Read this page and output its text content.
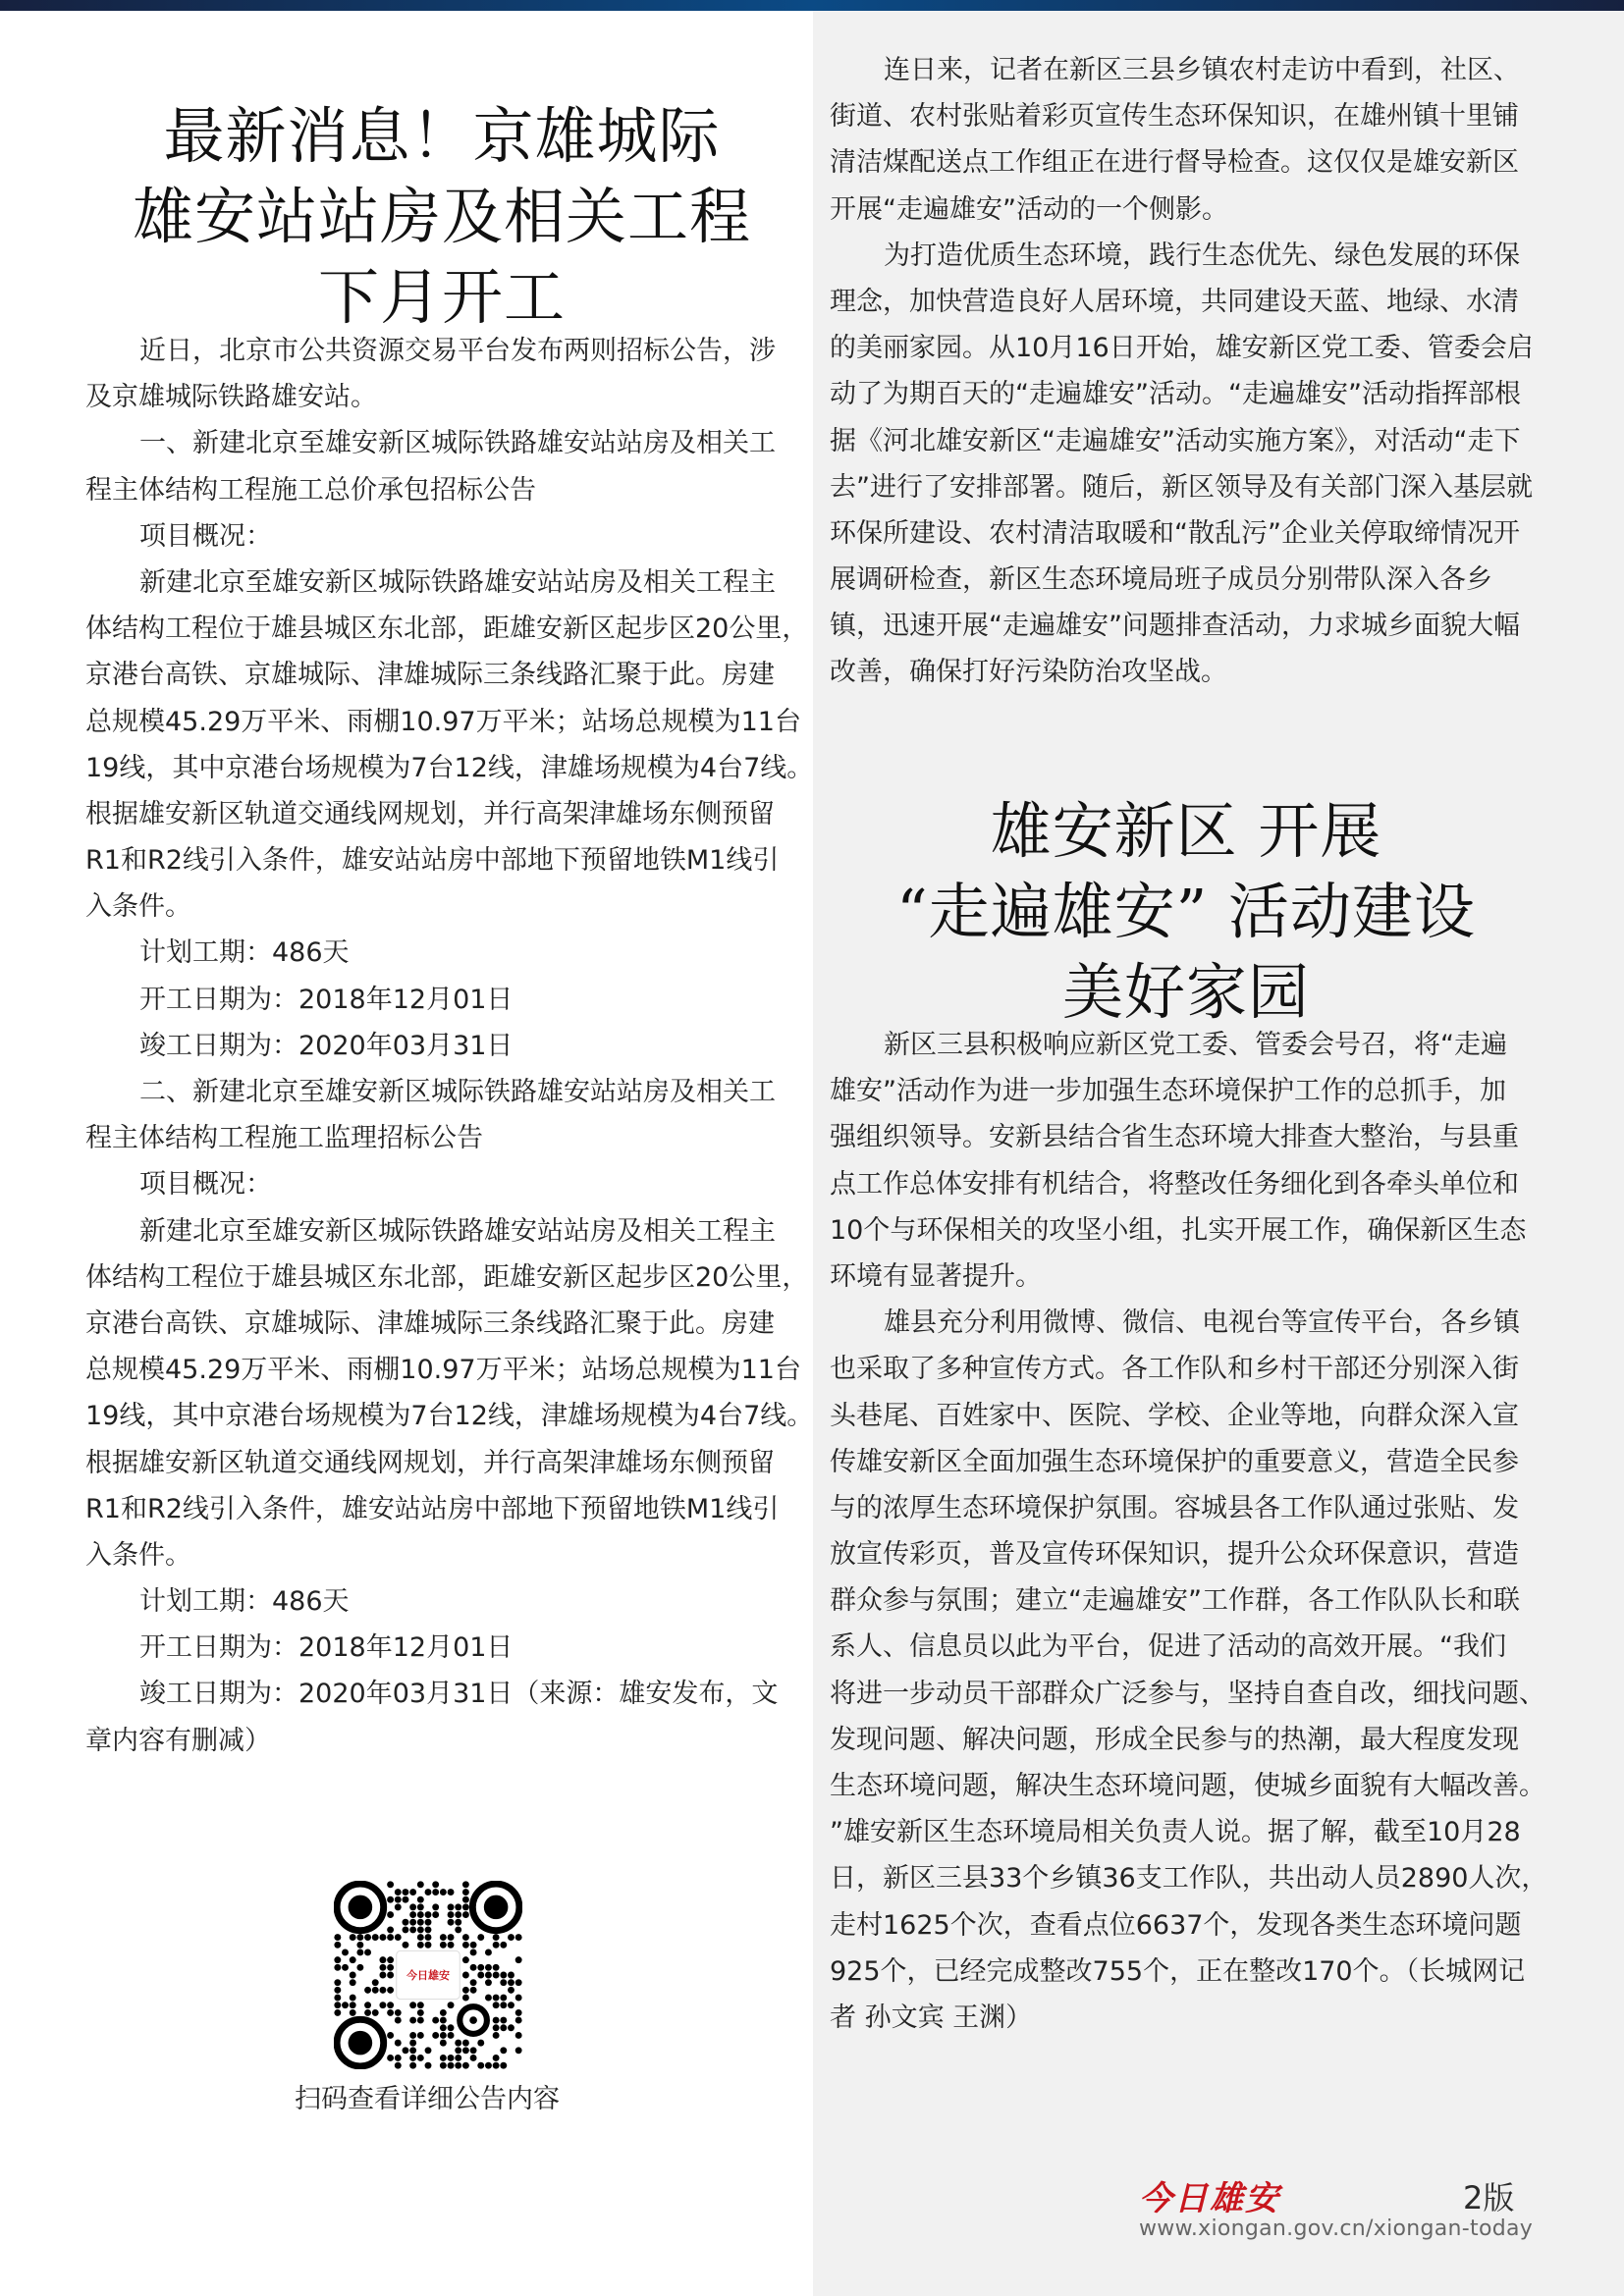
最新消息！京雄城际
雄安站站房及相关工程
下月开工
近日，北京市公共资源交易平台发布两则招标公告，涉
及京雄城际铁路雄安站。
一、新建北京至雄安新区城际铁路雄安站站房及相关工
程主体结构工程施工总价承包招标公告
项目概况：
新建北京至雄安新区城际铁路雄安站站房及相关工程主
体结构工程位于雄县城区东北部，距雄安新区起步区20公里，
京港台高铁、京雄城际、津雄城际三条线路汇聚于此。房建
总规模45.29万平米、雨棚10.97万平米；站场总规模为11台
19线，其中京港台场规模为7台12线，津雄场规模为4台7线。
根据雄安新区轨道交通线网规划，并行高架津雄场东侧预留
R1和R2线引入条件，雄安站站房中部地下预留地铁M1线引
入条件。
计划工期：486天
开工日期为：2018年12月01日
竣工日期为：2020年03月31日
二、新建北京至雄安新区城际铁路雄安站站房及相关工
程主体结构工程施工监理招标公告
项目概况：
新建北京至雄安新区城际铁路雄安站站房及相关工程主
体结构工程位于雄县城区东北部，距雄安新区起步区20公里，
京港台高铁、京雄城际、津雄城际三条线路汇聚于此。房建
总规模45.29万平米、雨棚10.97万平米；站场总规模为11台
19线，其中京港台场规模为7台12线，津雄场规模为4台7线。
根据雄安新区轨道交通线网规划，并行高架津雄场东侧预留
R1和R2线引入条件，雄安站站房中部地下预留地铁M1线引
入条件。
计划工期：486天
开工日期为：2018年12月01日
竣工日期为：2020年03月31日（来源：雄安发布，文
章内容有删减）
今日雄安
扫码查看详细公告内容
连日来，记者在新区三县乡镇农村走访中看到，社区、
街道、农村张贴着彩页宣传生态环保知识，在雄州镇十里铺
清洁煤配送点工作组正在进行督导检查。这仅仅是雄安新区
开展“走遍雄安”活动的一个侧影。
为打造优质生态环境，践行生态优先、绿色发展的环保
理念，加快营造良好人居环境，共同建设天蓝、地绿、水清
的美丽家园。从10月16日开始，雄安新区党工委、管委会启
动了为期百天的“走遍雄安”活动。“走遍雄安”活动指挥部根
据《河北雄安新区“走遍雄安”活动实施方案》，对活动“走下
去”进行了安排部署。随后，新区领导及有关部门深入基层就
环保所建设、农村清洁取暖和“散乱污”企业关停取缔情况开
展调研检查，新区生态环境局班子成员分别带队深入各乡
镇，迅速开展“走遍雄安”问题排查活动，力求城乡面貌大幅
改善，确保打好污染防治攻坚战。
雄安新区 开展
“走遍雄安” 活动建设
美好家园
新区三县积极响应新区党工委、管委会号召，将“走遍
雄安”活动作为进一步加强生态环境保护工作的总抓手，加
强组织领导。安新县结合省生态环境大排查大整治，与县重
点工作总体安排有机结合，将整改任务细化到各牵头单位和
10个与环保相关的攻坚小组，扎实开展工作，确保新区生态
环境有显著提升。
雄县充分利用微博、微信、电视台等宣传平台，各乡镇
也采取了多种宣传方式。各工作队和乡村干部还分别深入街
头巷尾、百姓家中、医院、学校、企业等地，向群众深入宣
传雄安新区全面加强生态环境保护的重要意义，营造全民参
与的浓厚生态环境保护氛围。容城县各工作队通过张贴、发
放宣传彩页，普及宣传环保知识，提升公众环保意识，营造
群众参与氛围；建立“走遍雄安”工作群，各工作队队长和联
系人、信息员以此为平台，促进了活动的高效开展。“我们
将进一步动员干部群众广泛参与，坚持自查自改，细找问题、
发现问题、解决问题，形成全民参与的热潮，最大程度发现
生态环境问题，解决生态环境问题，使城乡面貌有大幅改善。
”雄安新区生态环境局相关负责人说。据了解，截至10月28
日，新区三县33个乡镇36支工作队，共出动人员2890人次，
走村1625个次，查看点位6637个，发现各类生态环境问题
925个，已经完成整改755个，正在整改170个。（长城网记
者 孙文宾 王渊）
今日雄安	2版
www.xiongan.gov.cn/xiongan-today
